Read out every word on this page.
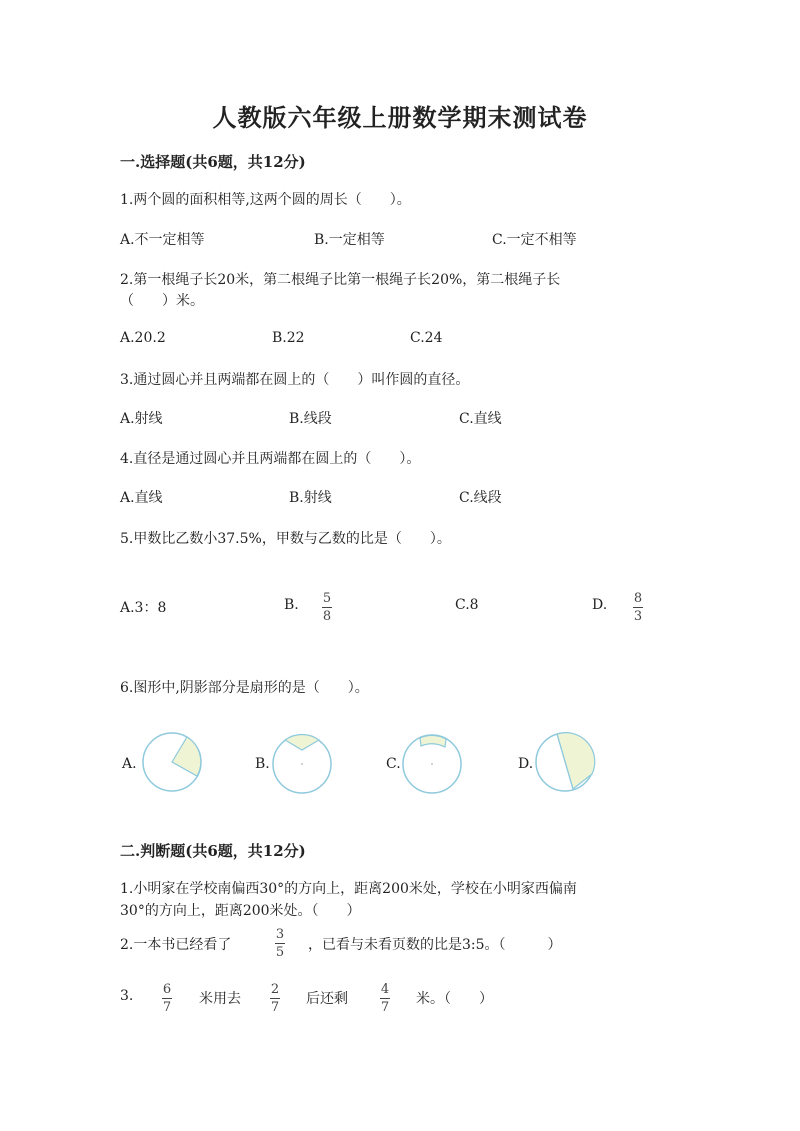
人教版六年级上册数学期末测试卷
一.选择题(共6题，共12分)
1.两个圆的面积相等,这两个圆的周长（　　）。
A.不一定相等	B.一定相等	C.一定不相等
2.第一根绳子长20米，第二根绳子比第一根绳子长20%，第二根绳子长
（　　）米。
A.20.2	B.22	C.24
3.通过圆心并且两端都在圆上的（　　）叫作圆的直径。
A.射线	B.线段	C.直线
4.直径是通过圆心并且两端都在圆上的（　　）。
A.直线	B.射线	C.线段
5.甲数比乙数小37.5%，甲数与乙数的比是（　　）。
A.3：8	B. 5
8
C.8	D. 8
3
6.图形中,阴影部分是扇形的是（　　）。
A.	B.	C.	D.
二.判断题(共6题，共12分)
1.小明家在学校南偏西30°的方向上，距离200米处，学校在小明家西偏南
30°的方向上，距离200米处。（　　）
2.一本书已经看了
3
5 ，已看与未看页数的比是3:5。（　　　）
3. 6
7
米用去
2
7
后还剩
4
7
米。（　　）
